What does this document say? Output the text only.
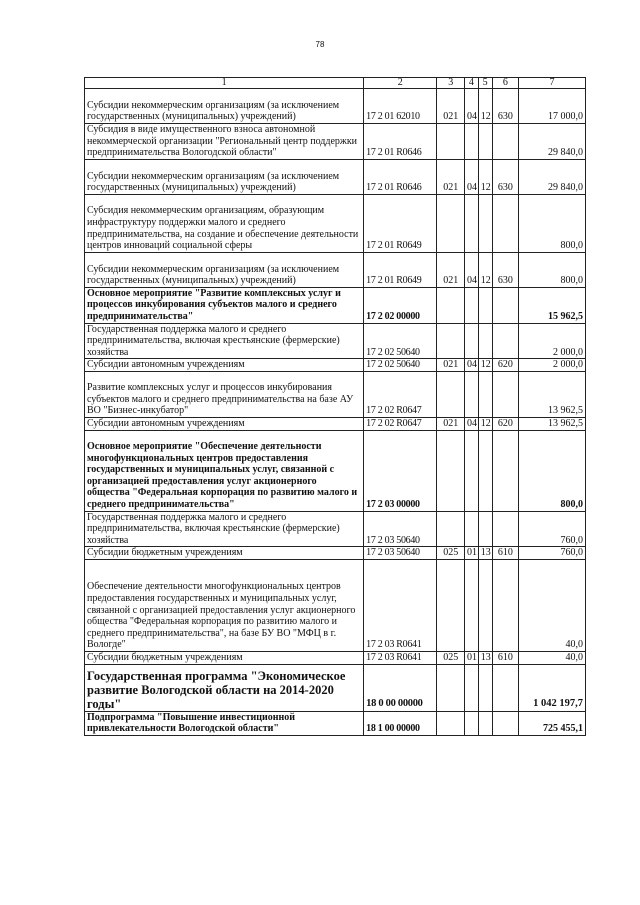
78
1	2	3	4	5	6	7
Субсидии некоммерческим организациям (за исключением государственных (муниципальных) учреждений)	17 2 01 62010	021	04	12	630	17 000,0
Субсидия в виде имущественного взноса автономной некоммерческой организации "Региональный центр поддержки предпринимательства Вологодской области"	17 2 01 R0646					29 840,0
Субсидии некоммерческим организациям (за исключением государственных (муниципальных) учреждений)	17 2 01 R0646	021	04	12	630	29 840,0
Субсидия некоммерческим организациям, образующим инфраструктуру поддержки малого и среднего предпринимательства, на создание и обеспечение деятельности центров инноваций социальной сферы	17 2 01 R0649					800,0
Субсидии некоммерческим организациям (за исключением государственных (муниципальных) учреждений)	17 2 01 R0649	021	04	12	630	800,0
Основное мероприятие "Развитие комплексных услуг и процессов инкубирования субъектов малого и среднего предпринимательства"	17 2 02 00000					15 962,5
Государственная поддержка малого и среднего предпринимательства, включая крестьянские (фермерские) хозяйства	17 2 02 50640					2 000,0
Субсидии автономным учреждениям	17 2 02 50640	021	04	12	620	2 000,0
Развитие комплексных услуг и процессов инкубирования субъектов малого и среднего предпринимательства на базе АУ ВО "Бизнес-инкубатор"	17 2 02 R0647					13 962,5
Субсидии автономным учреждениям	17 2 02 R0647	021	04	12	620	13 962,5
Основное мероприятие "Обеспечение деятельности многофункциональных центров предоставления государственных и муниципальных услуг, связанной с организацией предоставления услуг акционерного общества "Федеральная корпорация по развитию малого и среднего предпринимательства"	17 2 03 00000					800,0
Государственная поддержка малого и среднего предпринимательства, включая крестьянские (фермерские) хозяйства	17 2 03 50640					760,0
Субсидии бюджетным учреждениям	17 2 03 50640	025	01	13	610	760,0
Обеспечение деятельности многофункциональных центров предоставления государственных и муниципальных услуг, связанной с организацией предоставления услуг акционерного общества "Федеральная корпорация по развитию малого и среднего предпринимательства", на базе БУ ВО "МФЦ в г. Вологде"	17 2 03 R0641					40,0
Субсидии бюджетным учреждениям	17 2 03 R0641	025	01	13	610	40,0
Государственная программа "Экономическое развитие Вологодской области на 2014-2020 годы"	18 0 00 00000					1 042 197,7
Подпрограмма "Повышение инвестиционной привлекательности Вологодской области"	18 1 00 00000					725 455,1
